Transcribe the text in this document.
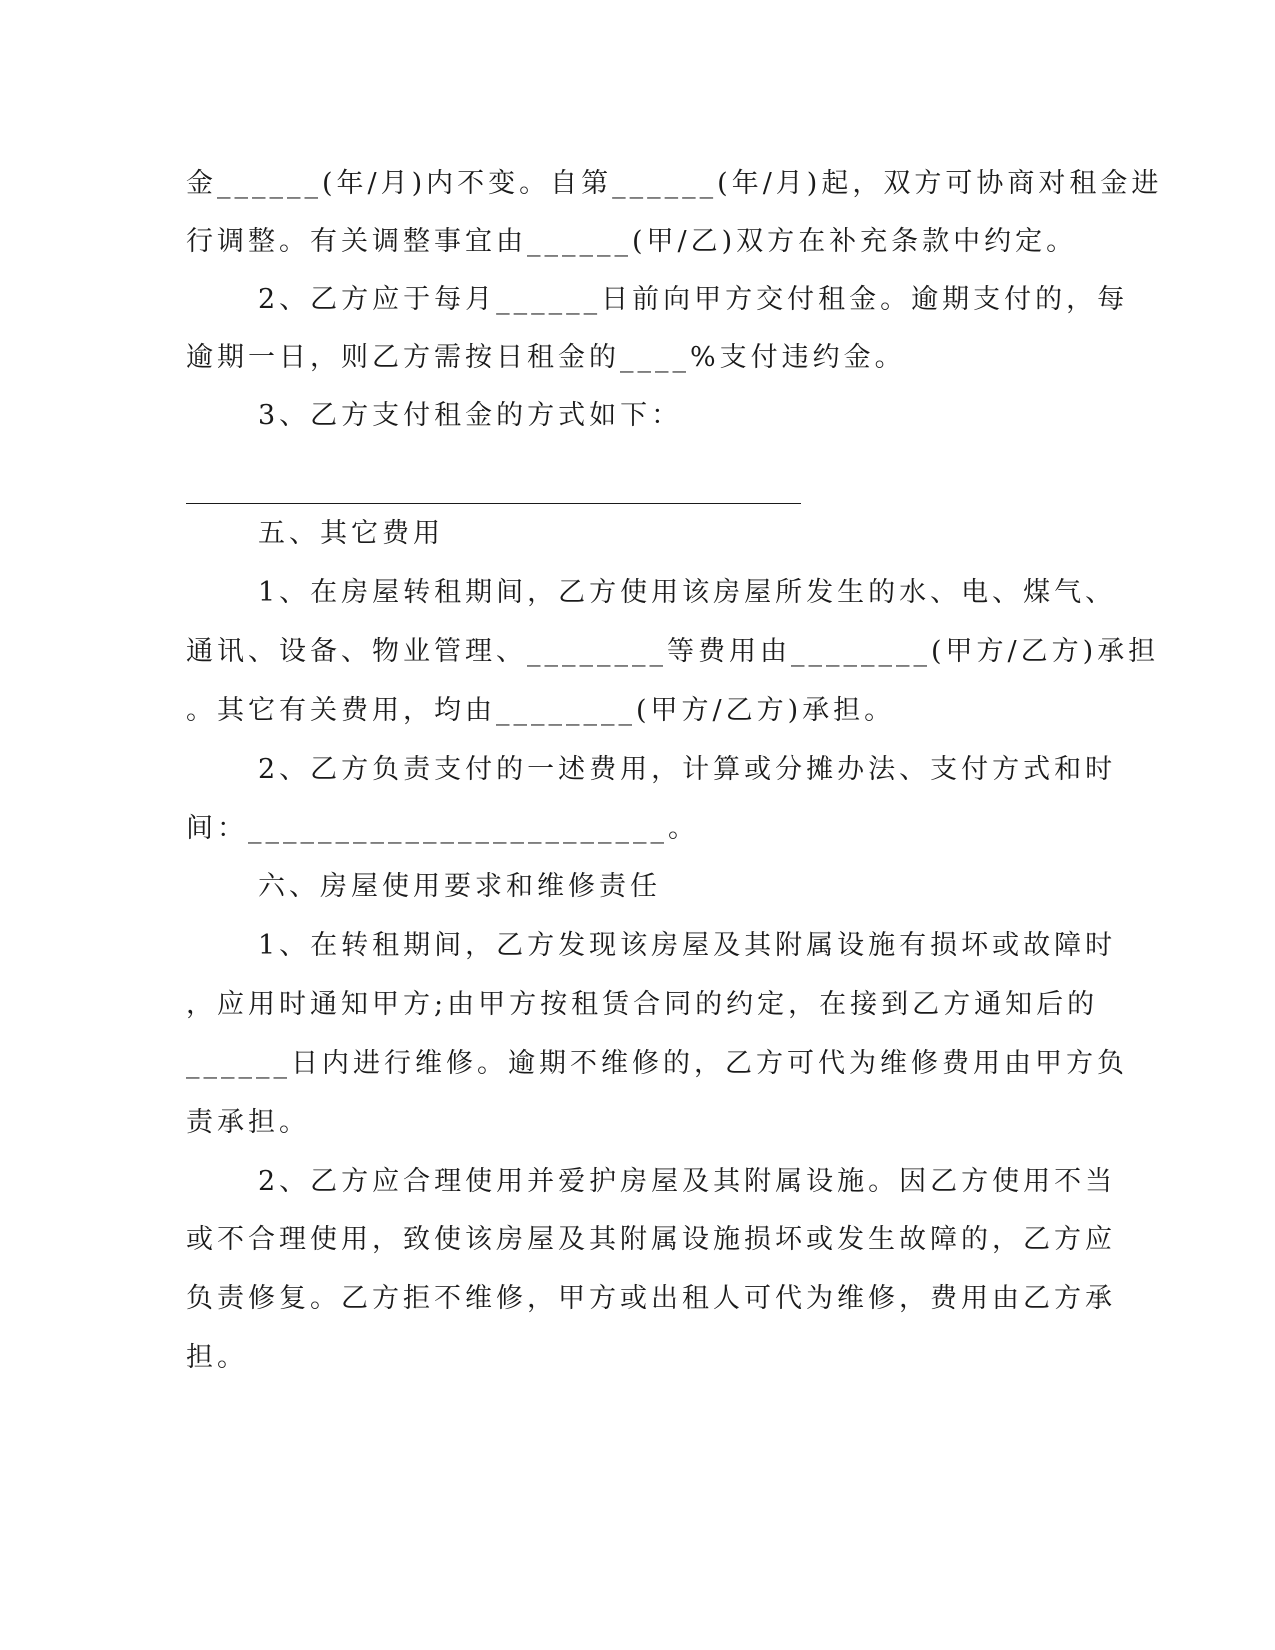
金______(年/月)内不变。自第______(年/月)起，双方可协商对租金进
行调整。有关调整事宜由______(甲/乙)双方在补充条款中约定。
2、乙方应于每月______日前向甲方交付租金。逾期支付的，每
逾期一日，则乙方需按日租金的____%支付违约金。
3、乙方支付租金的方式如下：
五、其它费用
1、在房屋转租期间，乙方使用该房屋所发生的水、电、煤气、
通讯、设备、物业管理、________等费用由________(甲方/乙方)承担
。其它有关费用，均由________(甲方/乙方)承担。
2、乙方负责支付的一述费用，计算或分摊办法、支付方式和时
间：________________________。
六、房屋使用要求和维修责任
1、在转租期间，乙方发现该房屋及其附属设施有损坏或故障时
，应用时通知甲方;由甲方按租赁合同的约定，在接到乙方通知后的
______日内进行维修。逾期不维修的，乙方可代为维修费用由甲方负
责承担。
2、乙方应合理使用并爱护房屋及其附属设施。因乙方使用不当
或不合理使用，致使该房屋及其附属设施损坏或发生故障的，乙方应
负责修复。乙方拒不维修，甲方或出租人可代为维修，费用由乙方承
担。
